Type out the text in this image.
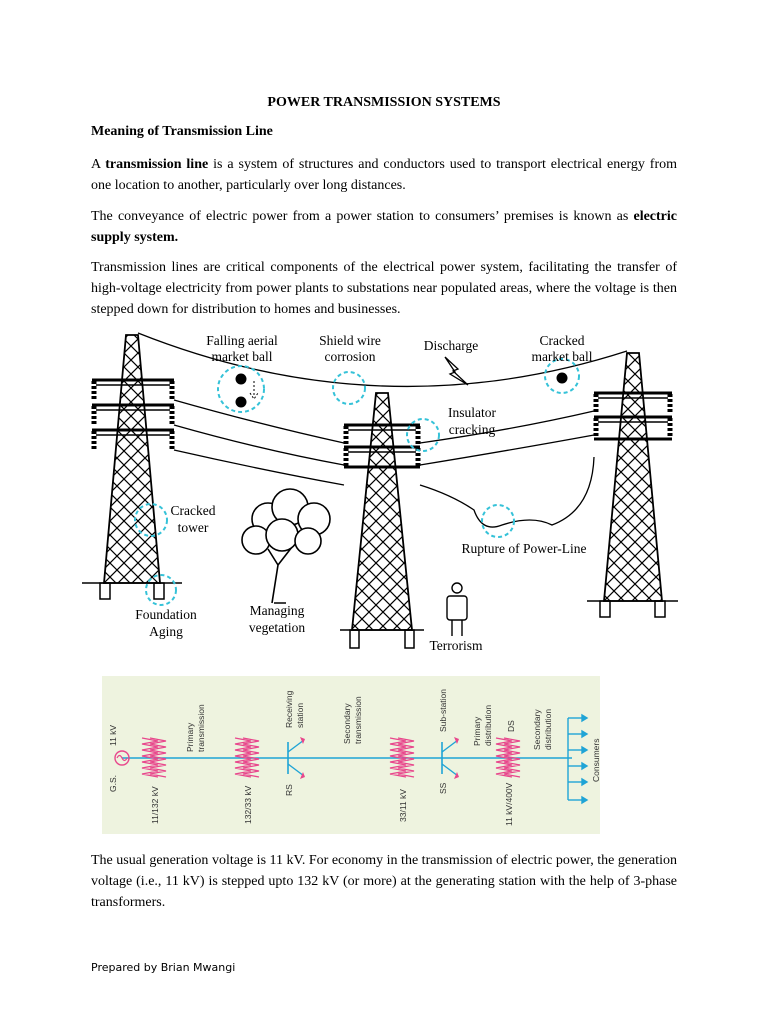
POWER TRANSMISSION SYSTEMS
Meaning of Transmission Line

A transmission line is a system of structures and conductors used to transport electrical energy from one location to another, particularly over long distances.

The conveyance of electric power from a power station to consumers’ premises is known as electric supply system.

Transmission lines are critical components of the electrical power system, facilitating the transfer of high-voltage electricity from power plants to substations near populated areas, where the voltage is then stepped down for distribution to homes and businesses.

Falling aerial
market ball
Shield wire
corrosion
Discharge	Cracked
market ball
Insulator
cracking
Cracked
tower
Rupture of Power-Line
Foundation
Aging
Managing
vegetation
Terrorism
11 kV
G.S.
11/132 kV
Primary transmission
132/33 kV
Receiving station
RS
Secondary transmission
33/11 kV
Sub-station
SS
Primary distribution DS
11 kV/400V
Secondary distribution
Consumers

The usual generation voltage is 11 kV. For economy in the transmission of electric power, the generation voltage (i.e., 11 kV) is stepped upto 132 kV (or more) at the generating station with the help of 3-phase transformers.

Prepared by Brian Mwangi
